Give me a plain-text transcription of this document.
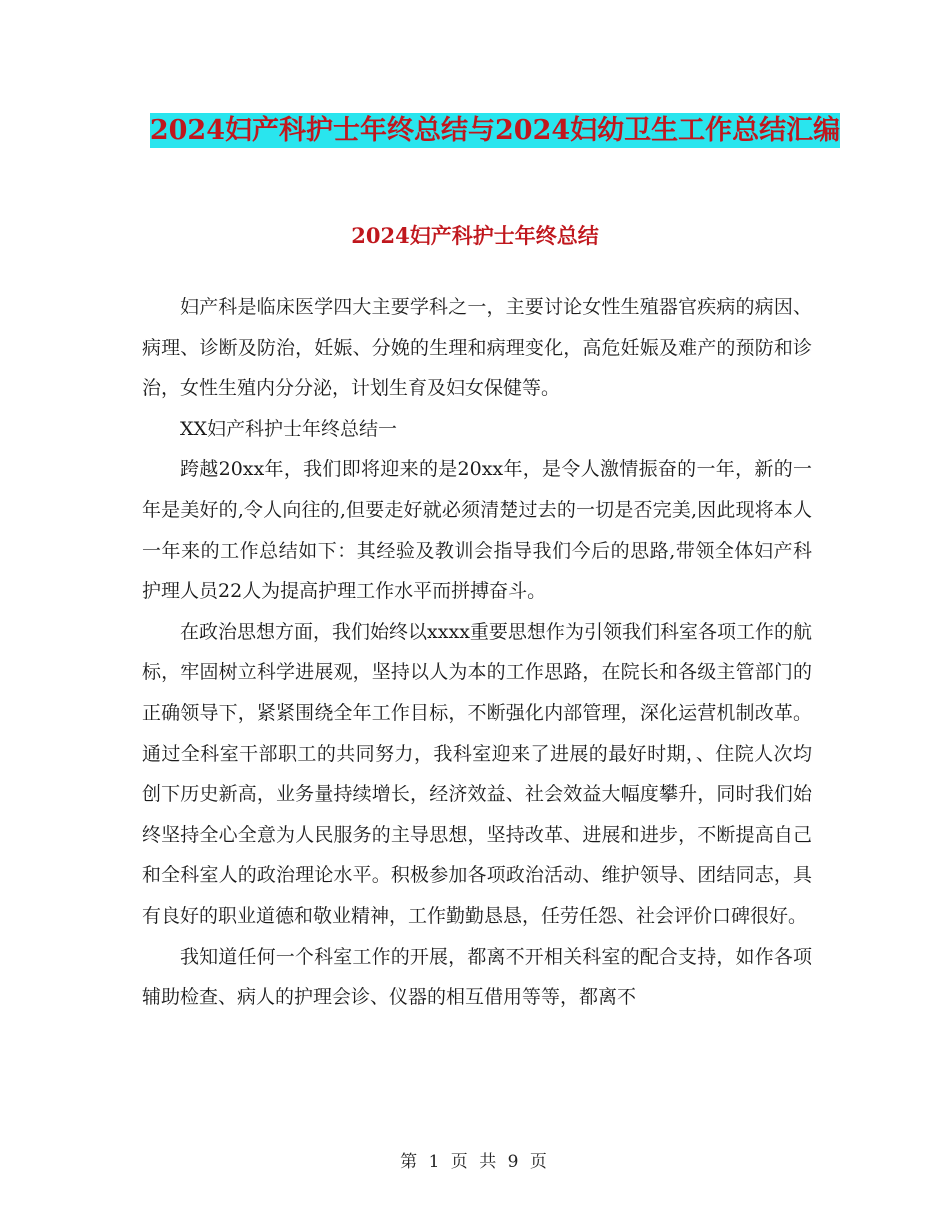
2024妇产科护士年终总结与2024妇幼卫生工作总结汇编
2024妇产科护士年终总结

妇产科是临床医学四大主要学科之一，主要讨论女性生殖器官疾病的病因、病理、诊断及防治，妊娠、分娩的生理和病理变化，高危妊娠及难产的预防和诊治，女性生殖内分分泌，计划生育及妇女保健等。

XX妇产科护士年终总结一

跨越20xx年，我们即将迎来的是20xx年，是令人激情振奋的一年，新的一年是美好的,令人向往的,但要走好就必须清楚过去的一切是否完美,因此现将本人一年来的工作总结如下：其经验及教训会指导我们今后的思路,带领全体妇产科护理人员22人为提高护理工作水平而拼搏奋斗。

在政治思想方面，我们始终以xxxx重要思想作为引领我们科室各项工作的航标，牢固树立科学进展观，坚持以人为本的工作思路，在院长和各级主管部门的正确领导下，紧紧围绕全年工作目标，不断强化内部管理，深化运营机制改革。通过全科室干部职工的共同努力，我科室迎来了进展的最好时期，、住院人次均创下历史新高，业务量持续增长，经济效益、社会效益大幅度攀升，同时我们始终坚持全心全意为人民服务的主导思想，坚持改革、进展和进步，不断提高自己和全科室人的政治理论水平。积极参加各项政治活动、维护领导、团结同志，具有良好的职业道德和敬业精神，工作勤勤恳恳，任劳任怨、社会评价口碑很好。

我知道任何一个科室工作的开展，都离不开相关科室的配合支持，如作各项辅助检查、病人的护理会诊、仪器的相互借用等等，都离不

第 1 页 共 9 页
